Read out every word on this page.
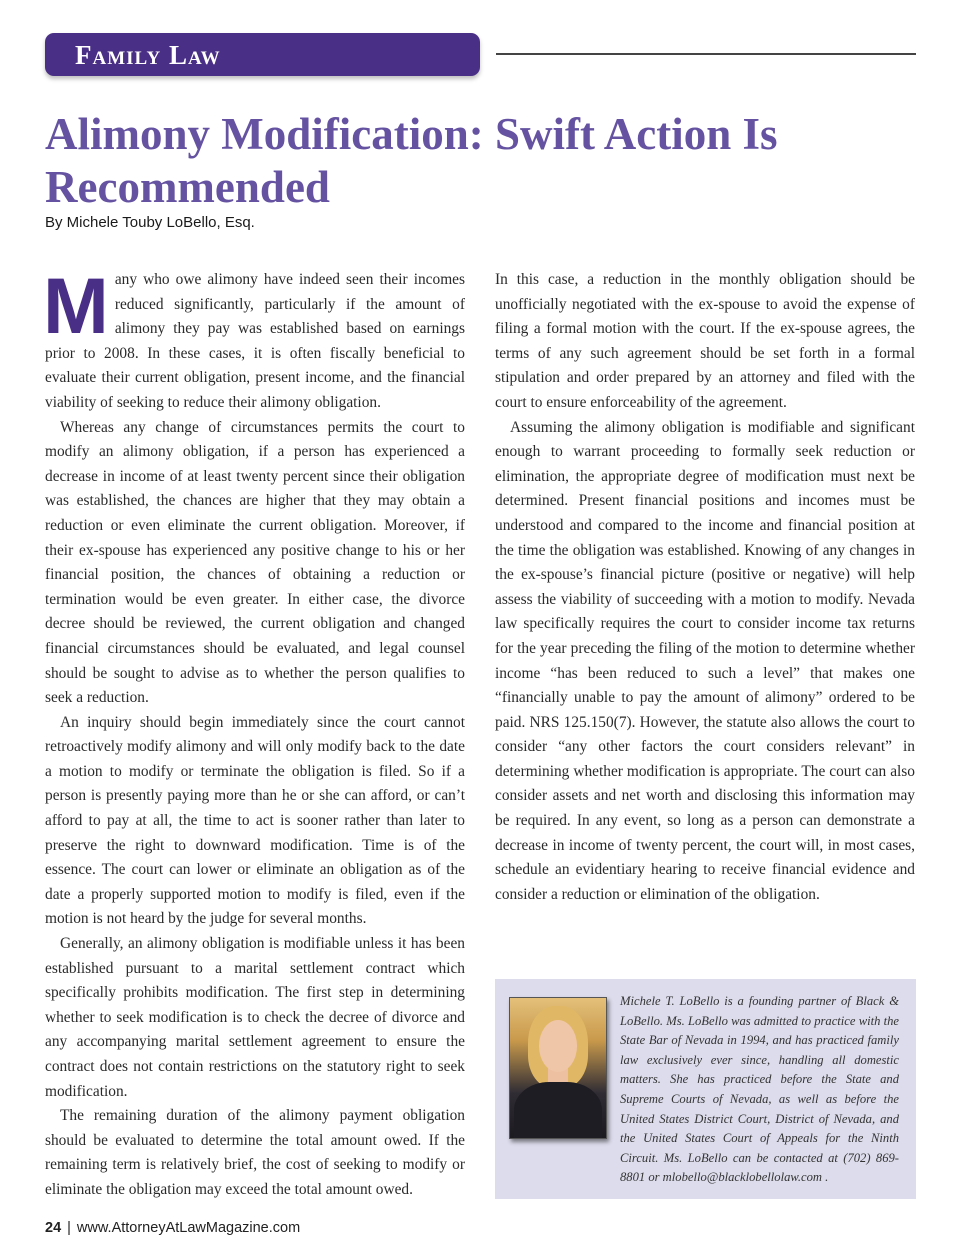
Family Law
Alimony Modification: Swift Action Is Recommended
By Michele Touby LoBello, Esq.

Many who owe alimony have indeed seen their incomes reduced significantly, particularly if the amount of alimony they pay was established based on earnings prior to 2008. In these cases, it is often fiscally beneficial to evaluate their current obligation, present income, and the financial viability of seeking to reduce their alimony obligation.

Whereas any change of circumstances permits the court to modify an alimony obligation, if a person has experienced a decrease in income of at least twenty percent since their obligation was established, the chances are higher that they may obtain a reduction or even eliminate the current obligation. Moreover, if their ex-spouse has experienced any positive change to his or her financial position, the chances of obtaining a reduction or termination would be even greater. In either case, the divorce decree should be reviewed, the current obligation and changed financial circumstances should be evaluated, and legal counsel should be sought to advise as to whether the person qualifies to seek a reduction.

An inquiry should begin immediately since the court cannot retroactively modify alimony and will only modify back to the date a motion to modify or terminate the obligation is filed. So if a person is presently paying more than he or she can afford, or can’t afford to pay at all, the time to act is sooner rather than later to preserve the right to downward modification. Time is of the essence. The court can lower or eliminate an obligation as of the date a properly supported motion to modify is filed, even if the motion is not heard by the judge for several months.

Generally, an alimony obligation is modifiable unless it has been established pursuant to a marital settlement contract which specifically prohibits modification. The first step in determining whether to seek modification is to check the decree of divorce and any accompanying marital settlement agreement to ensure the contract does not contain restrictions on the statutory right to seek modification.

The remaining duration of the alimony payment obligation should be evaluated to determine the total amount owed. If the remaining term is relatively brief, the cost of seeking to modify or eliminate the obligation may exceed the total amount owed.

In this case, a reduction in the monthly obligation should be unofficially negotiated with the ex-spouse to avoid the expense of filing a formal motion with the court. If the ex-spouse agrees, the terms of any such agreement should be set forth in a formal stipulation and order prepared by an attorney and filed with the court to ensure enforceability of the agreement.

Assuming the alimony obligation is modifiable and significant enough to warrant proceeding to formally seek reduction or elimination, the appropriate degree of modification must next be determined. Present financial positions and incomes must be understood and compared to the income and financial position at the time the obligation was established. Knowing of any changes in the ex-spouse’s financial picture (positive or negative) will help assess the viability of succeeding with a motion to modify. Nevada law specifically requires the court to consider income tax returns for the year preceding the filing of the motion to determine whether income “has been reduced to such a level” that makes one “financially unable to pay the amount of alimony” ordered to be paid. NRS 125.150(7). However, the statute also allows the court to consider “any other factors the court considers relevant” in determining whether modification is appropriate. The court can also consider assets and net worth and disclosing this information may be required. In any event, so long as a person can demonstrate a decrease in income of twenty percent, the court will, in most cases, schedule an evidentiary hearing to receive financial evidence and consider a reduction or elimination of the obligation.

Michele T. LoBello is a founding partner of Black & LoBello. Ms. LoBello was admitted to practice with the State Bar of Nevada in 1994, and has practiced family law exclusively ever since, handling all domestic matters. She has practiced before the State and Supreme Courts of Nevada, as well as before the United States District Court, District of Nevada, and the United States Court of Appeals for the Ninth Circuit. Ms. LoBello can be contacted at (702) 869-8801 or mlobello@blacklobellolaw.com .

24 | www.AttorneyAtLawMagazine.com
